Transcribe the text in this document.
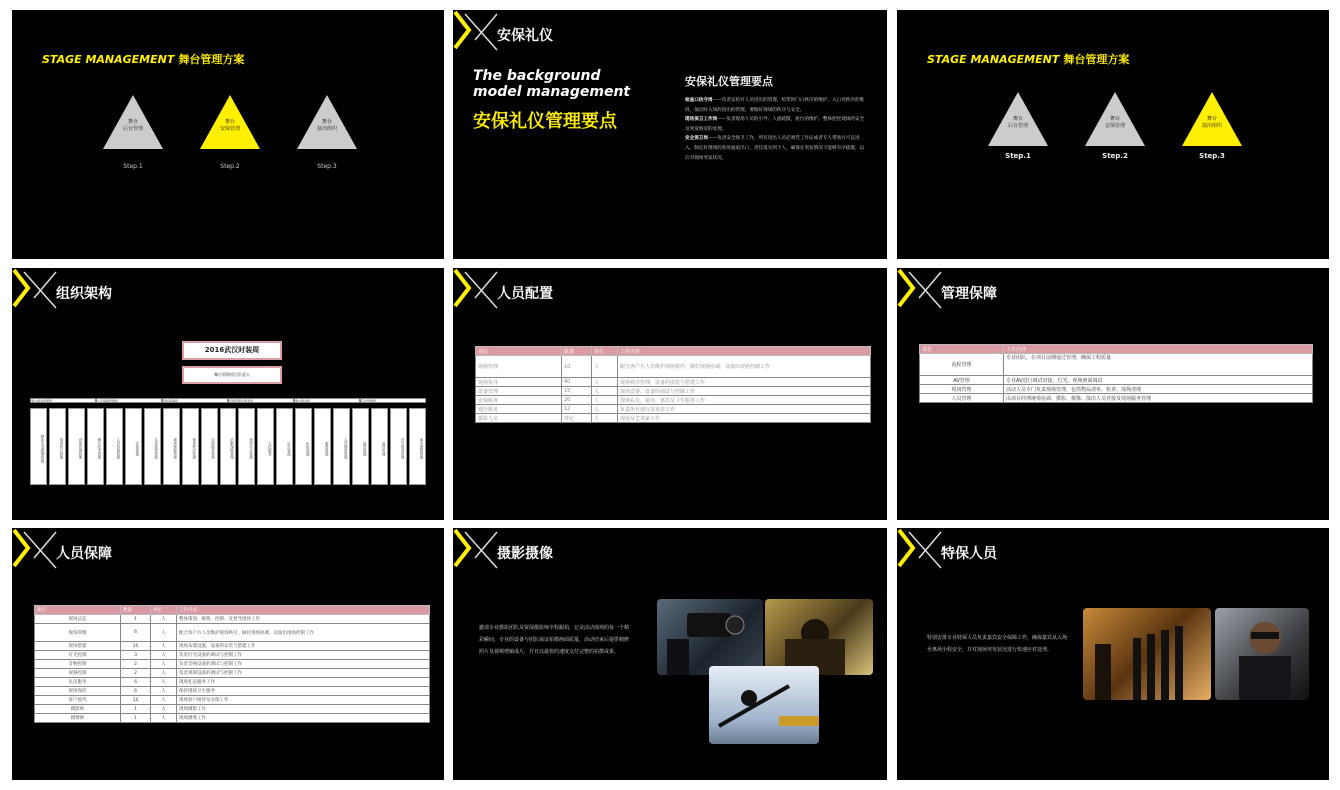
STAGE MANAGEMENT 舞台管理方案
舞台
后台管理
Step.1
舞台
安保管理
Step.2
舞台
演出组织
Step.3
安保礼仪
The background
model management
安保礼仪管理要点
安保礼仪管理要点
检查口执守岗——负责安检对人员进出的管理、检票时门口秩序的维护、入口处秩序的维持。演出时入场的进出的管理。要做好现场的秩序与安全。
现场保卫工作岗——负责现场人员的引导、人流疏散，座位的维护。整体把控现场的安全及突发情况的处理。
安全保卫岗——负责安全保卫工作，所有进出人员必须凭工作证或者专人带领方可以进入。制定好现场的各处通道出口，责任落实到个人，确保在突发情况下能够有序疏散，以应对现场突发状况。
STAGE MANAGEMENT 舞台管理方案
舞台
后台管理
Step.1
舞台
安保管理
Step.2
舞台
演出组织
Step.3
组织架构
2016武汉时装周
舞台管理项目负责人
演出事务管理组	人员保障管理组	现场保障组	安保管理及服务组	演出服务组	后台管理组
整体活动统筹管理	现场执行管理	设备协调管理	舞台技术管理	人员协调管理	安保管理	礼仪接待管理	现场保障管理	现场秩序管理	安保服务管理	后勤保障管理	现场安全管理	礼仪服务	后台管理	化妆管理	服装管理	人员调度管理	道具管理	道具协调	后台现场管理	演出流程管理
人员配置
项目	数量	单位	工作内容
现场管理	10	人	配合客户方人员维护现场秩序，做好现场协调，及演出现场控制工作
现场指导	40	人	现场秩序管理，设备的安装与搭建工作
设备管理	15	人	现场设备、设备的调试与控制工作
安保服务	20	人	现场礼仪、接待、嘉宾及卫生服务工作
通行服务	12	人	负责所有通行证发放工作
摄影人员	待定	人	现场及艺术家工作
管理保障
项目	工作内容
流程管理	专业团队，在项目前期通过管理，确保工程质量
AV管理	专业AV进行调试对接，灯光、视频画面调试
现场管理	活动人员专门负责现场管理，包括物品清单、检查、现场清理
人员管理	由项目经理统筹协调、摄影、摄像、演出人员对接及现场服务管理
人员保障
项目	数量	单位	工作内容
现场总监	1	人	整体策划、统筹、控制、及督导现场工作
现场管理	6	人	配合客户方人员维护现场秩序，做好现场协调，及演出现场控制工作
现场搭建	10	人	现场布置设施，设备的安装与搭建工作
灯光控制	3	人	负责灯光设备的调试与控制工作
音响控制	2	人	负责音响设备的调试与控制工作
视频控制	2	人	负责视频设备的调试与控制工作
礼仪服务	6	人	现场礼仪服务工作
现场保洁	6	人	保持现场卫生服务
客户接待	10	人	现场客户接待及安保工作
摄影师	1	人	现场摄影工作
摄像师	1	人	现场摄像工作
摄影摄像
邀请专业摄影团队及资深摄影师全程跟拍，记录活动现场的每一个精彩瞬间，专业的设备与团队保证拍摄画面质量，活动结束后提供精修照片及视频剪辑成片，并且以最快的速度交付完整的拍摄成果。
特保人员
特别安排专业特保人员负责嘉宾安全保障工作，确保嘉宾从入场至离场全程安全，并对现场突发状况进行快速应对处理。
